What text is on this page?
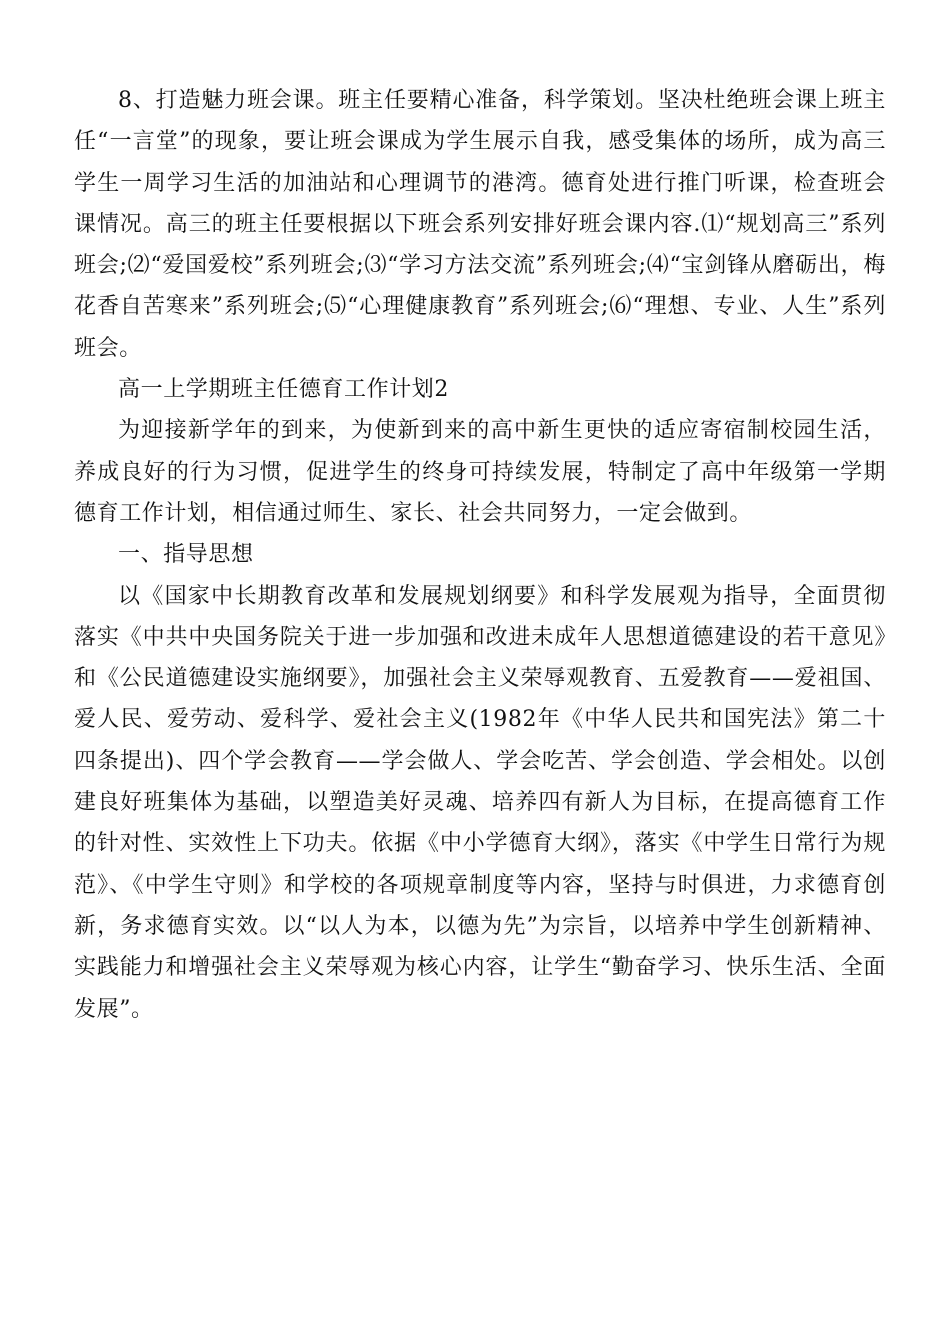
8、打造魅力班会课。班主任要精心准备，科学策划。坚决杜绝班会课上班主任“一言堂”的现象，要让班会课成为学生展示自我，感受集体的场所，成为高三学生一周学习生活的加油站和心理调节的港湾。德育处进行推门听课，检查班会课情况。高三的班主任要根据以下班会系列安排好班会课内容.⑴“规划高三”系列班会;⑵“爱国爱校”系列班会;⑶“学习方法交流”系列班会;⑷“宝剑锋从磨砺出，梅花香自苦寒来”系列班会;⑸“心理健康教育”系列班会;⑹“理想、专业、人生”系列班会。

高一上学期班主任德育工作计划2

为迎接新学年的到来，为使新到来的高中新生更快的适应寄宿制校园生活，养成良好的行为习惯，促进学生的终身可持续发展，特制定了高中年级第一学期德育工作计划，相信通过师生、家长、社会共同努力，一定会做到。

一、指导思想

以《国家中长期教育改革和发展规划纲要》和科学发展观为指导，全面贯彻落实《中共中央国务院关于进一步加强和改进未成年人思想道德建设的若干意见》和《公民道德建设实施纲要》，加强社会主义荣辱观教育、五爱教育——爱祖国、爱人民、爱劳动、爱科学、爱社会主义(1982年《中华人民共和国宪法》第二十四条提出)、四个学会教育——学会做人、学会吃苦、学会创造、学会相处。以创建良好班集体为基础，以塑造美好灵魂、培养四有新人为目标，在提高德育工作的针对性、实效性上下功夫。依据《中小学德育大纲》，落实《中学生日常行为规范》、《中学生守则》和学校的各项规章制度等内容，坚持与时俱进，力求德育创新，务求德育实效。以“以人为本，以德为先”为宗旨，以培养中学生创新精神、实践能力和增强社会主义荣辱观为核心内容，让学生“勤奋学习、快乐生活、全面发展”。
